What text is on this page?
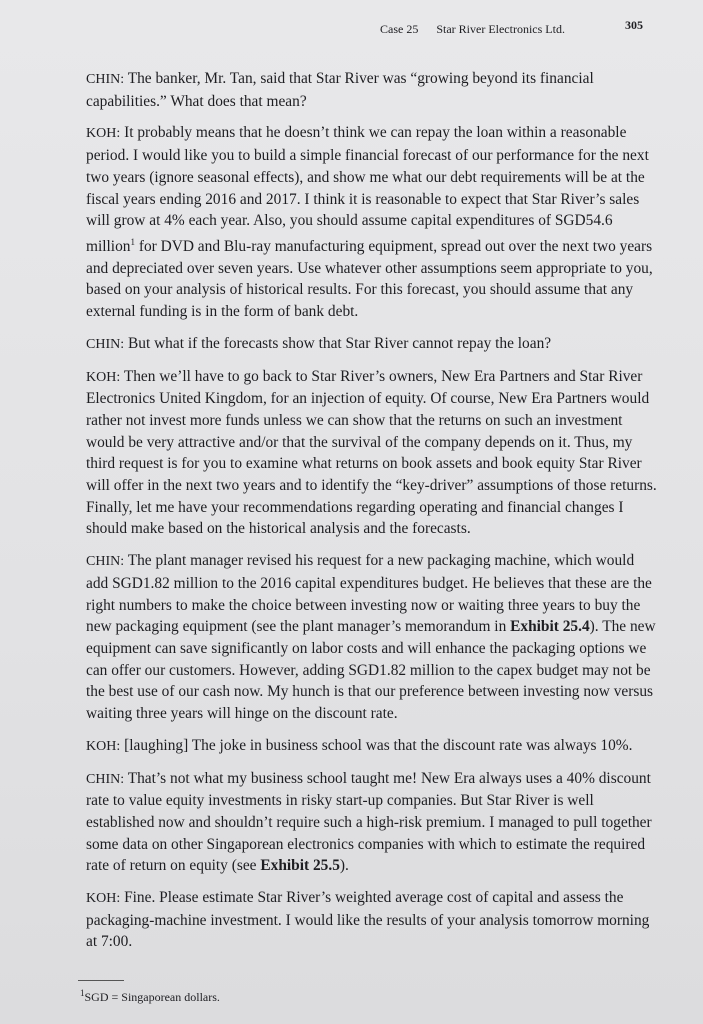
Case 25 Star River Electronics Ltd.	305

CHIN: The banker, Mr. Tan, said that Star River was “growing beyond its financial capabilities.” What does that mean?

KOH: It probably means that he doesn’t think we can repay the loan within a reasonable period. I would like you to build a simple financial forecast of our performance for the next two years (ignore seasonal effects), and show me what our debt requirements will be at the fiscal years ending 2016 and 2017. I think it is reasonable to expect that Star River’s sales will grow at 4% each year. Also, you should assume capital expenditures of SGD54.6 million$^1$ for DVD and Blu-ray manufacturing equipment, spread out over the next two years and depreciated over seven years. Use whatever other assumptions seem appropriate to you, based on your analysis of historical results. For this forecast, you should assume that any external funding is in the form of bank debt.

CHIN: But what if the forecasts show that Star River cannot repay the loan?

KOH: Then we’ll have to go back to Star River’s owners, New Era Partners and Star River Electronics United Kingdom, for an injection of equity. Of course, New Era Partners would rather not invest more funds unless we can show that the returns on such an investment would be very attractive and/or that the survival of the company depends on it. Thus, my third request is for you to examine what returns on book assets and book equity Star River will offer in the next two years and to identify the “key-driver” assumptions of those returns. Finally, let me have your recommendations regarding operating and financial changes I should make based on the historical analysis and the forecasts.

CHIN: The plant manager revised his request for a new packaging machine, which would add SGD1.82 million to the 2016 capital expenditures budget. He believes that these are the right numbers to make the choice between investing now or waiting three years to buy the new packaging equipment (see the plant manager’s memorandum in Exhibit 25.4). The new equipment can save significantly on labor costs and will enhance the packaging options we can offer our customers. However, adding SGD1.82 million to the capex budget may not be the best use of our cash now. My hunch is that our preference between investing now versus waiting three years will hinge on the discount rate.

KOH: [laughing] The joke in business school was that the discount rate was always 10%.

CHIN: That’s not what my business school taught me! New Era always uses a 40% discount rate to value equity investments in risky start-up companies. But Star River is well established now and shouldn’t require such a high-risk premium. I managed to pull together some data on other Singaporean electronics companies with which to estimate the required rate of return on equity (see Exhibit 25.5).

KOH: Fine. Please estimate Star River’s weighted average cost of capital and assess the packaging-machine investment. I would like the results of your analysis tomorrow morning at 7:00.

$^1$SGD = Singaporean dollars.
